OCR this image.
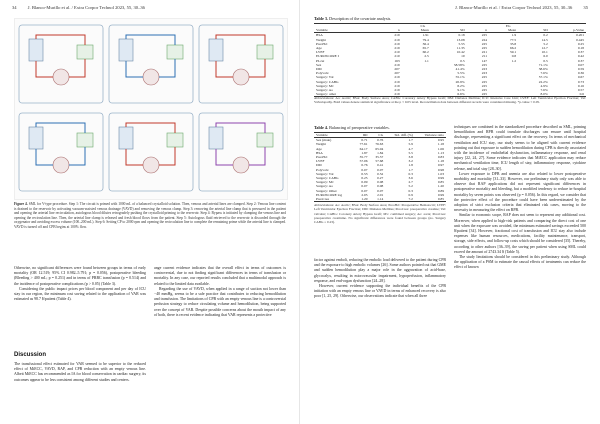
34 J. Blanco-Murillo et al. / Extra Corpor Technol 2023, 55, 30–36
Figure 4. SML for V-type procedure. Step 1: The circuit is primed with 1000 mL of a balanced crystalloid solution. Then, venous and arterial lines are clamped. Step 2: Venous line content is drained to the reservoir by activating vacuum-assisted venous drainage (VAVD) and removing the venous clamp. Step 3: removing the arterial line clamp that is pressured in the patient and opening the arterial line recirculation, autologous blood dilutes retrogradely pushing the crystalloid priming to the reservoir. Step 4: Bypass is initiated by clamping the venous line and opening the recirculation line. Then, the arterial line clamp is released and fresh blood flows from the patient. Step 5: Autologous fluid retrieved to the reservoir is discarded through the oxygenator and avoiding excess volume (100–200 mL). Step 6: Setting CP to 2000 rpm and opening the recirculation line to complete the remaining prime while the arterial line is clamped. VAVD is turned off and CPB begins at 100% flow.

Otherwise, no significant differences were found between groups in terms of early mortality (OR 12.519; 95% CI 0.982–5.791; p = 0.056), postoperative bleeding (Bleeding > 400 mL; p = 0.251) and in terms of PRBC transfusion (p = 0.514) and the incidence of postoperative complications (p > 0.05) (Table 3).

Considering the public impact prices per blood component and per day of ICU stay in our region, the minimum cost saving related to the application of VAR was estimated as 98.7 $/patient (Table 4).

Discussion

The transfusional effect estimated for VAR seemed to be superior to the reduced effect of MiECC, VAVD, RAP, and CPB reduction with an empty venous line. Albeit MiECC has recommended as IA for blood conservation in cardiac surgery, its outcomes appear to be less consistent among different studies and centers.

ange current evidence indicates that the overall effect in terms of outcomes is controversial, due to not finding significant differences in terms of transfusion or mortality. In any case, our reported results concluded that a multimodal approach is related to the limited data available.

Regarding the use of VAVD, when applied in a range of suction not lower than −40 mmHg, seems to be a safe practice that contributes to reducing hemodilution and transfusion. The limitations of CPB with an empty venous line is a controversial perfusion strategy to reduce circulating volume and hemodilution, being supported over the concept of VAR. Despite possible concerns about the mouth impact of any of both, there is recent evidence indicating that VAR represents a protective

J. Blanco-Murillo et al. / Extra Corpor Technol 2023, 55, 30–36 35
Table 3. Description of the covariate analysis.
	CG			EG			
Variable	n	Mean	SD	n	Mean	SD	p-Value
BSA	219	1.91	0.18	225	1.9	0.2	0.201
Weight	219	79.4	13.08	224	77.5	14.5	0.445
PreoHct	219	36.4	5.55	225	35.8	5.2	0.25
Age	219	65.7	11.35	225	66.2	12.7	0.18
LVEF	210	60.2	10.42	221	59.1	10.1	0.37
EUROSCORE I	210	2.5	10	211	0.8	6.0	0.42
PLcut	163	1.1	0.5	147	1.2	0.5	0.37
Sex	219		58.58%	225		71.1%	0.07
DM	207		41.4%	223		38.6%	0.59
Polyvalv.	207		5.5%	223		7.6%	0.36
Surgery: Val	219		55.1%	225		57.1%	0.67
Surgery: CABG	219		20.9%	225		22.2%	0.73
Surgery: Mv	219		8.2%	225		4.9%	0.16
Surgery: Ao	219		9.1%	225		7.6%	0.57
Surgery: other	219		6.6%	225		8.0%	0.6
Abbreviations: Ao: Aortic; BSA: Body Surface Area; CABG: Coronary Artery Bypass Graft; DM: Diabetes Mellitus; ICU: Intensive Care Unit; LVEF: Left Ventricular Ejection Fraction; Val: Valvulopathy. Bold values denote statistical significance at the p < 0.05 level. Reconciliation data between different records were considered missing. *p-value < 0.05.
Table 4. Balancing of preoperative variables.
Variable	IRI	CG	Std. diff. (%)	Variance ratio
Sex (male)	0.71	0.76	1.7	0.95
Weight	77.61	76.63	5.9	1.18
Age	64.17	65.04	4.7	1.06
BSA	1.87	1.84	5.5	1.13
PreoHct	35.77	35.57	3.8	0.83
LVEF	57.06	57.68	3.2	1.18
DM	0.76	0.41	1.8	0.97
Polyvalv.	0.07	0.07	1.7	0.98
Surgery: Val	0.53	0.52	0.3	1.03
Surgery: CABG	0.25	0.27	3.6	0.99
Surgery: Mv	0.09	0.08	2.7	0.85
Surgery: Ao	0.07	0.08	5.2	1.20
Surgery: Other	0.07	0.07	0.3	0.89
EUROSCORE log	2.05	2.01	0.9	0.99
PreoCrea	1.20	1.14	7.2	0.85
Abbreviations: Ao: Aortic; BSA: Body Surface Area; PreoHct: Preoperative Hematocrit; LVEF: Left Ventricular Ejection Fraction; DM: Diabetes Mellitus; PreoCrea: preoperative creatine; Val: valvular; CABG: Coronary Artery Bypass Graft; Mv: combined surgery; Ao: aorta; PreoCrea: preoperative creatinine. No significant differences were found between groups (no. Surgery CABG = 0.23).

factor against emboli, reducing the embolic load delivered to the patient during CPB and the exposure to high embolic volumes [26]. Some authors pointed out that GME and sudden hemodilution play a major role in the aggravation of acid-base, glycocalyx, resulting in microvascular impairment, hypoperfusion, inflammatory response, and end-organ dysfunction [24–28].

However, current evidence supporting the individual benefits of the CPB initiation with an empty venous line or VAVD in terms of enhanced recovery is also poor [1, 25, 29]. Otherwise, our observations indicate that when all three

techniques are combined in the standardized procedure described as SML, priming hemodilution and RPB could translate discharges can ensure until hospital discharge, representing a significant effect on the recovery. In terms of mechanical ventilation and ICU stay, our study seems to be aligned with current evidence pointing out that exposure to sudden hemodilution during CPB is directly associated with the incidence of endothelial dysfunction, inflammatory response, and renal injury [22, 24, 27]. Some evidence indicates that MiECC application may reduce mechanical ventilation time, ICU length of stay, inflammatory response, cytokine release, and total stay [28–30].

Lower exposure to DPB and anemia are also related to lower postoperative morbidity and mortality [31–33]. However, our preliminary study only was able to observe that RAP applications did not represent significant differences in postoperative mortality and bleeding, but a modified tendency to reduce in-hospital mortality by seven points was observed (p = 0.056). In this regard, we consider that the protective effect of the procedure could have been underestimated by the adoption of strict exclusion criteria that eliminated risk cases, moving to the necessity in measuring the effect on RPB.

Similar to economic scope, RAP does not seem to represent any additional cost. Moreover, when applied to high-risk patients and comparing the direct cost of one unit when the exposure was avoided, the minimum estimated savings exceeded 500 $/patient [34]. However, fractional cost of transfusion and ICU stay also include expenses like human resources, medications, facility maintenance, transport, storage, side effects, and follow-up costs which should be considered [35]. Thereby, according to other authors [36–39], the saving per patient when using SML could exceed the amount of 2743.34 $ (Table 5).

The study limitations should be considered in this preliminary study. Although the application of a PSM to estimate the causal effects of treatments can reduce the effect of known
